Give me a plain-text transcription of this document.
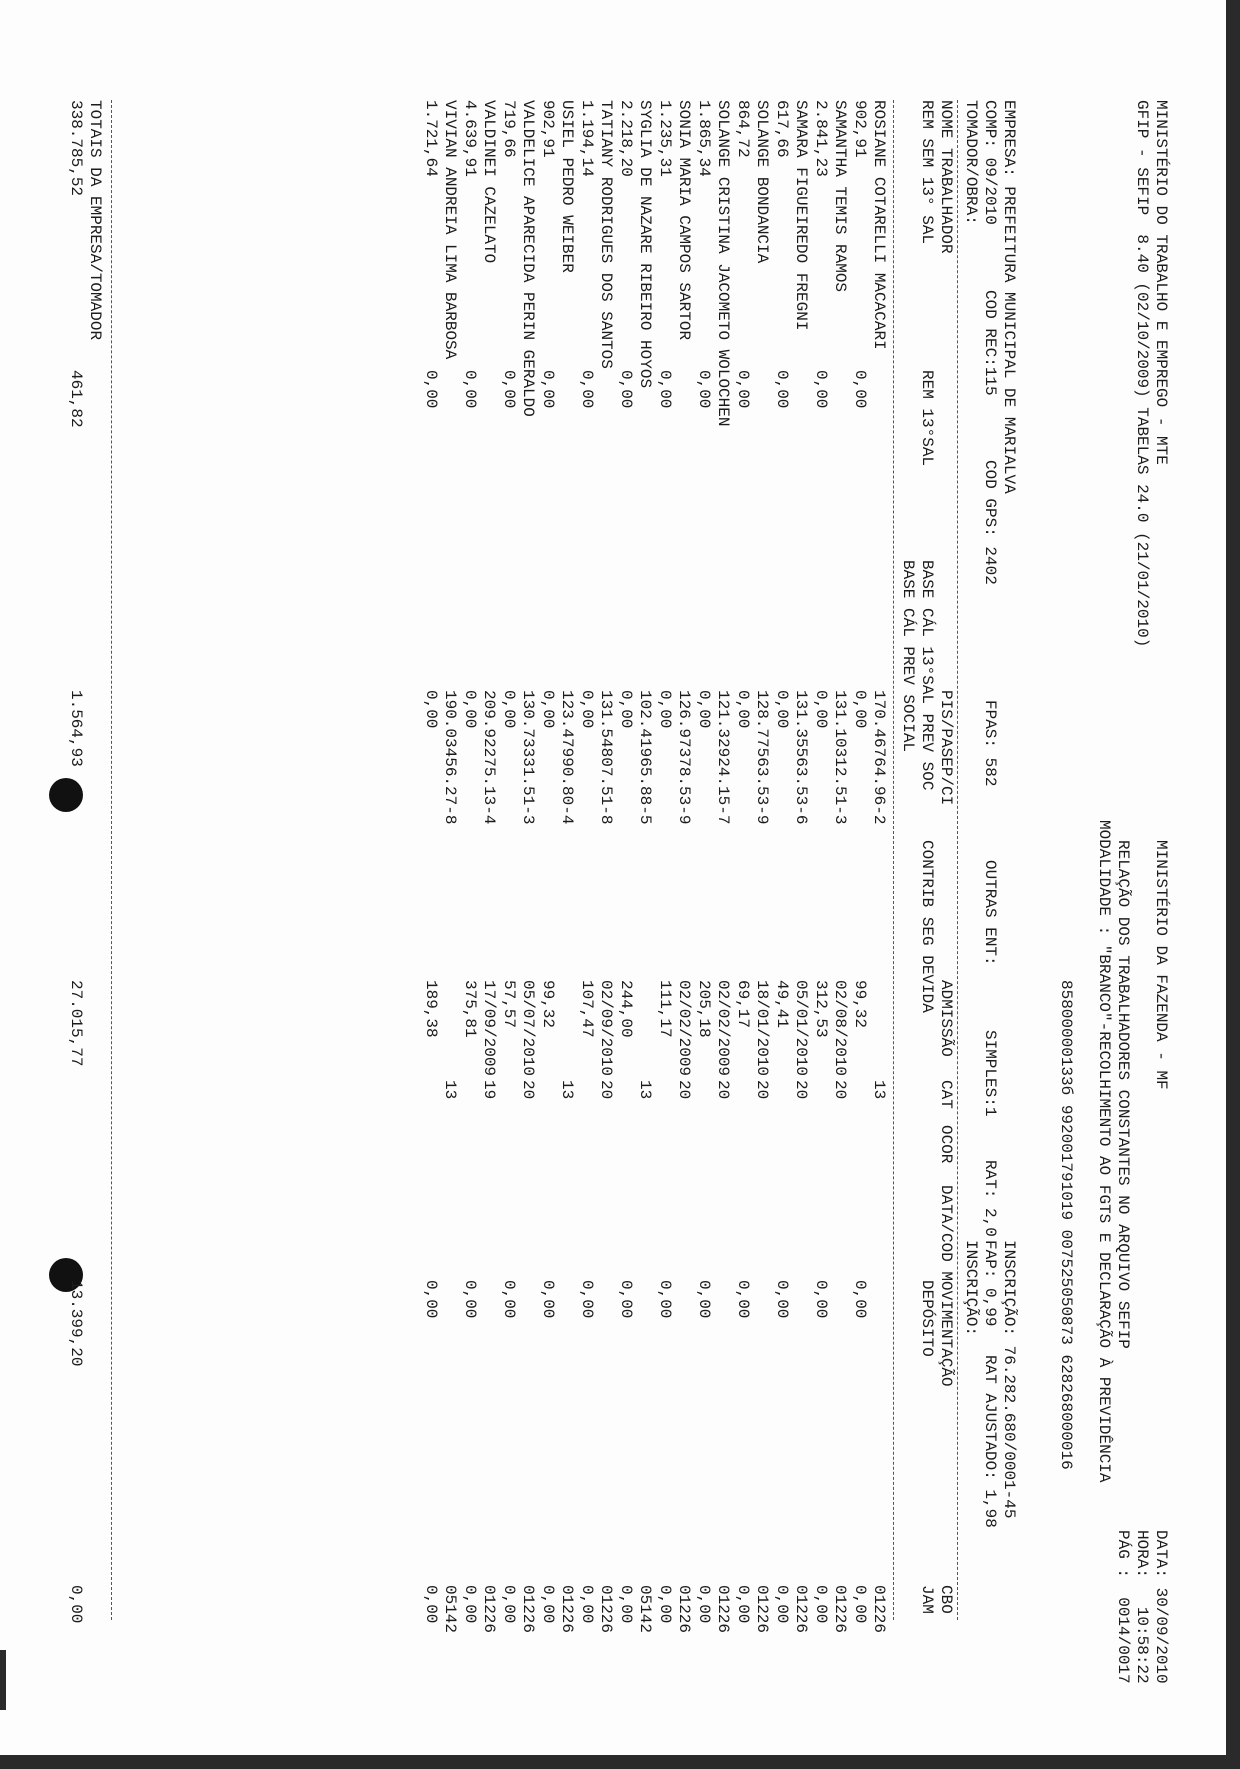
MINISTÉRIO DO TRABALHO E EMPREGO - MTE
MINISTÉRIO DA FAZENDA - MF
DATA: 30/09/2010
GFIP - SEFIP  8.40 (02/10/2009) TABELAS 24.0 (21/01/2010)
HORA:   10:58:22
RELAÇÃO DOS TRABALHADORES CONSTANTES NO ARQUIVO SEFIP
PÁG :  0014/0017
MODALIDADE : "BRANCO"-RECOLHIMENTO AO FGTS E DECLARAÇÃO À PREVIDÊNCIA
85800000133б 99200179101​9 007525050873 628268000016
EMPRESA: PREFEITURA MUNICIPAL DE MARIALVA
INSCRIÇÃO: 76.282.680/0001-45
COMP: 09/2010
COD REC:115
COD GPS: 2402
FPAS: 582
OUTRAS ENT:
SIMPLES:1
RAT: 2,0
FAP: 0,99
RAT AJUSTADO: 1,98
TOMADOR/OBRA:
INSCRIÇÃO:
NOME TRABALHADOR
PIS/PASEP/CI
ADMISSÃO
CAT
OCOR
DATA/COD MOVIMENTAÇÃO
CBO
REM SEM 13° SAL
REM 13°SAL
BASE CÁL 13°SAL PREV SOC
CONTRIB SEG DEVIDA
DEPÓSITO
JAM
BASE CÁL PREV SOCIAL
ROSIANE COTARELLI MACACARI
170.46764.96-2
13
01226
902,91
0,00
0,00
99,32
0,00
0,00
SAMANTHA TEMIS RAMOS
131.10312.51-3
02/08/2010
20
01226
2.841,23
0,00
0,00
312,53
0,00
0,00
SAMARA FIGUEIREDO FREGNI
131.35563.53-6
05/01/2010
20
01226
617,66
0,00
0,00
49,41
0,00
0,00
SOLANGE BONDANCIA
128.77563.53-9
18/01/2010
20
01226
864,72
0,00
0,00
69,17
0,00
0,00
SOLANGE CRISTINA JACOMETO WOLOCHEN
121.32924.15-7
02/02/2009
20
01226
1.865,34
0,00
0,00
205,18
0,00
0,00
SONIA MARIA CAMPOS SARTOR
126.97378.53-9
02/02/2009
20
01226
1.235,31
0,00
0,00
111,17
0,00
0,00
SYGLIA DE NAZARE RIBEIRO HOYOS
102.41965.88-5
13
05142
2.218,20
0,00
0,00
244,00
0,00
0,00
TATIANY RODRIGUES DOS SANTOS
131.54807.51-8
02/09/2010
20
01226
1.194,14
0,00
0,00
107,47
0,00
0,00
USIEL PEDRO WEIBER
123.47990.80-4
13
01226
902,91
0,00
0,00
99,32
0,00
0,00
VALDELICE APARECIDA PERIN GERALDO
130.73331.51-3
05/07/2010
20
01226
719,66
0,00
0,00
57,57
0,00
0,00
VALDINEI CAZELATO
209.92275.13-4
17/09/2009
19
01226
4.639,91
0,00
0,00
375,81
0,00
0,00
VIVIAN ANDREIA LIMA BARBOSA
190.03456.27-8
13
05142
1.721,64
0,00
0,00
189,38
0,00
0,00
TOTAIS DA EMPRESA/TOMADOR
338.785,52
461,82
1.564,93
27.015,77
13.399,20
0,00
